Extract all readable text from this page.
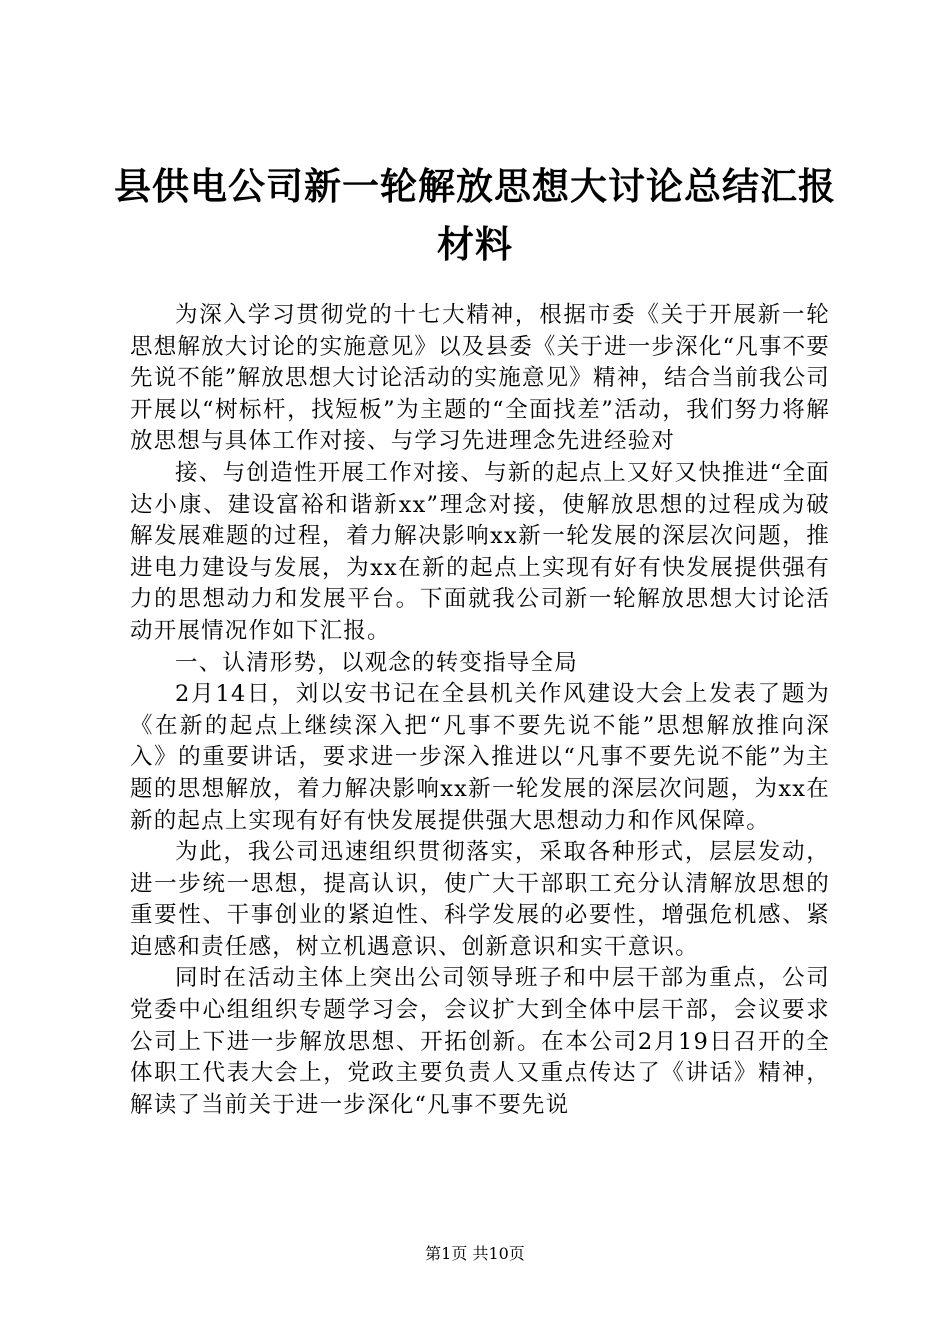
县供电公司新一轮解放思想大讨论总结汇报材料

为深入学习贯彻党的十七大精神，根据市委《关于开展新一轮思想解放大讨论的实施意见》以及县委《关于进一步深化“凡事不要先说不能”解放思想大讨论活动的实施意见》精神，结合当前我公司开展以“树标杆，找短板”为主题的“全面找差”活动，我们努力将解放思想与具体工作对接、与学习先进理念先进经验对

接、与创造性开展工作对接、与新的起点上又好又快推进“全面达小康、建设富裕和谐新xx”理念对接，使解放思想的过程成为破解发展难题的过程，着力解决影响xx新一轮发展的深层次问题，推进电力建设与发展，为xx在新的起点上实现有好有快发展提供强有力的思想动力和发展平台。下面就我公司新一轮解放思想大讨论活动开展情况作如下汇报。

一、认清形势，以观念的转变指导全局

2月14日，刘以安书记在全县机关作风建设大会上发表了题为《在新的起点上继续深入把“凡事不要先说不能”思想解放推向深入》的重要讲话，要求进一步深入推进以“凡事不要先说不能”为主题的思想解放，着力解决影响xx新一轮发展的深层次问题，为xx在新的起点上实现有好有快发展提供强大思想动力和作风保障。

为此，我公司迅速组织贯彻落实，采取各种形式，层层发动，进一步统一思想，提高认识，使广大干部职工充分认清解放思想的重要性、干事创业的紧迫性、科学发展的必要性，增强危机感、紧迫感和责任感，树立机遇意识、创新意识和实干意识。

同时在活动主体上突出公司领导班子和中层干部为重点，公司党委中心组组织专题学习会，会议扩大到全体中层干部，会议要求公司上下进一步解放思想、开拓创新。在本公司2月19日召开的全体职工代表大会上，党政主要负责人又重点传达了《讲话》精神，解读了当前关于进一步深化“凡事不要先说

第1页 共10页
